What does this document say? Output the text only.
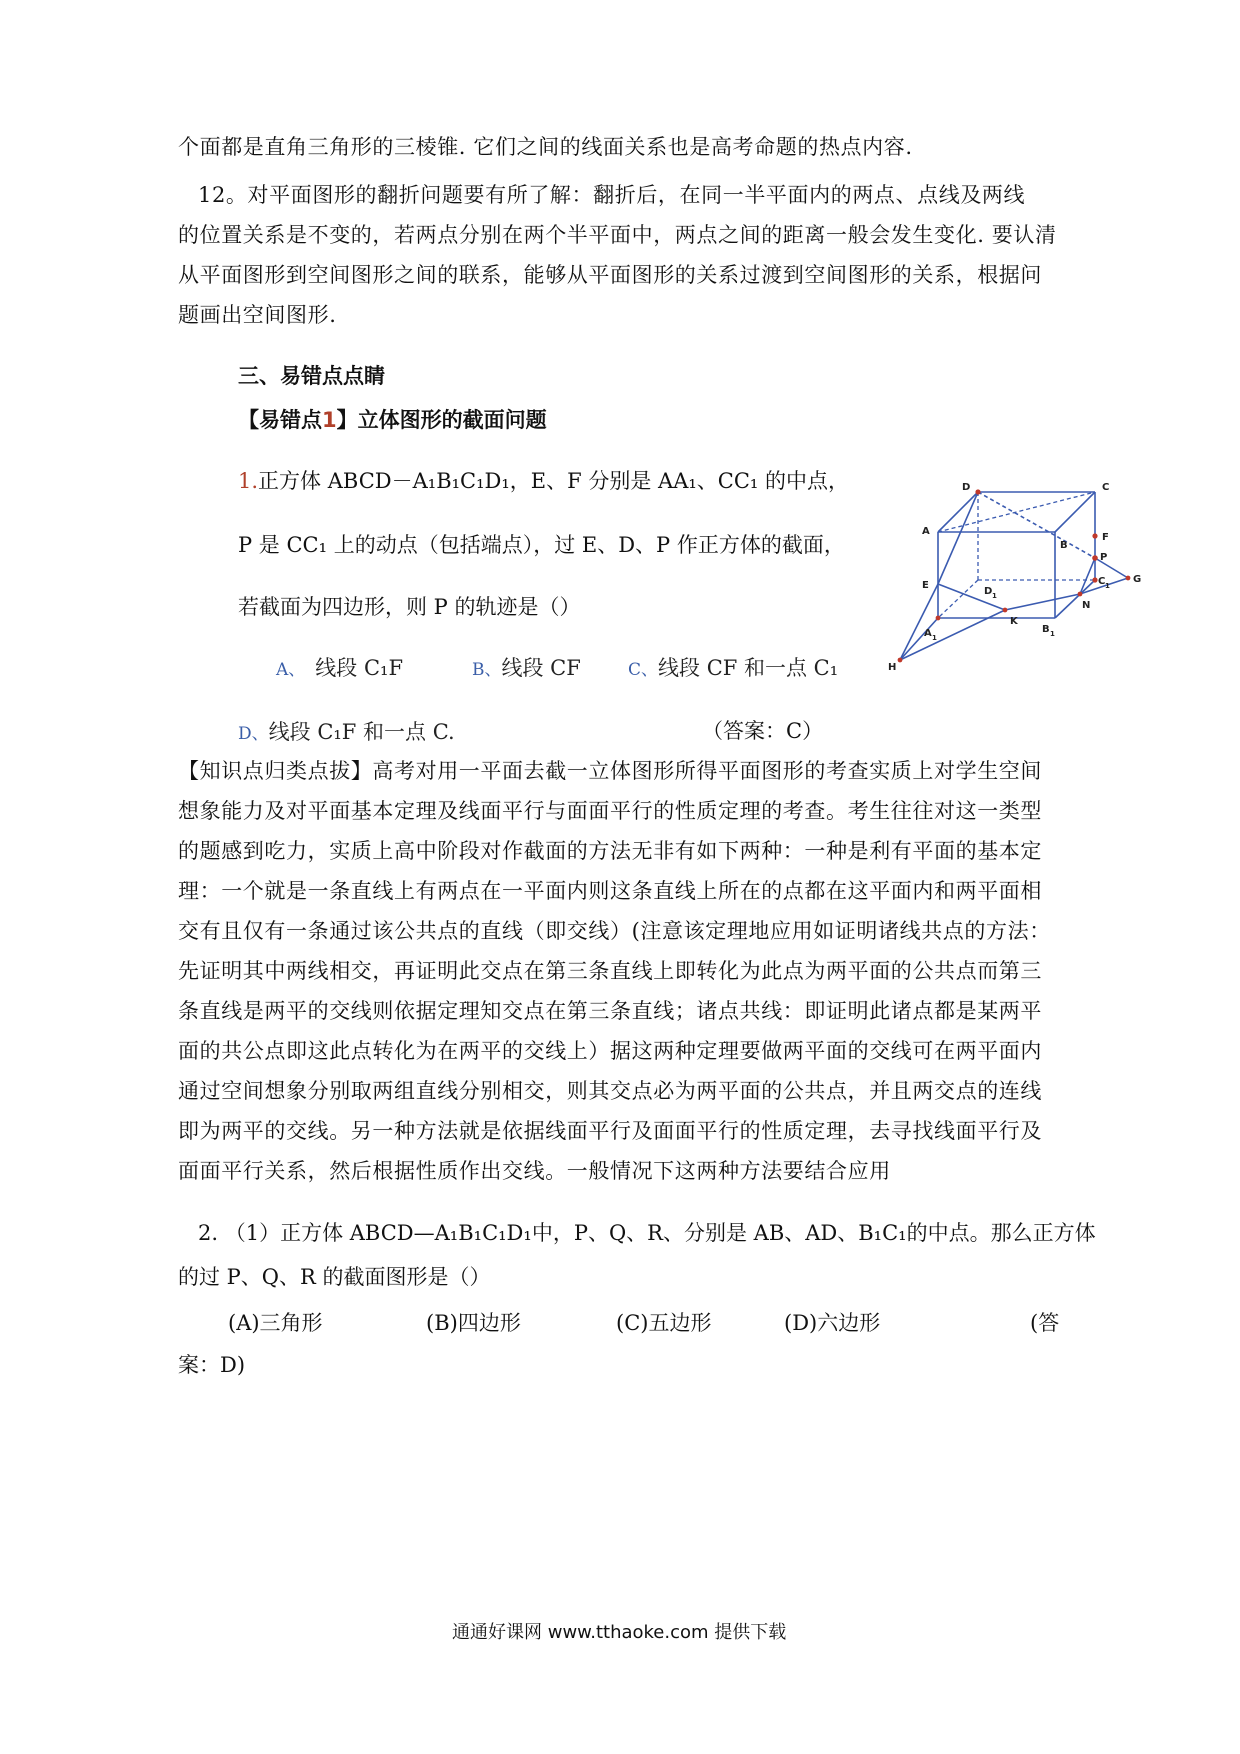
个面都是直角三角形的三棱锥. 它们之间的线面关系也是高考命题的热点内容.
12。对平面图形的翻折问题要有所了解：翻折后，在同一半平面内的两点、点线及两线
的位置关系是不变的，若两点分别在两个半平面中，两点之间的距离一般会发生变化. 要认清
从平面图形到空间图形之间的联系，能够从平面图形的关系过渡到空间图形的关系，根据问
题画出空间图形.
三、易错点点睛
【易错点1】立体图形的截面问题
1.正方体 ABCD－A₁B₁C₁D₁，E、F 分别是 AA₁、CC₁ 的中点，
P 是 CC₁ 上的动点（包括端点），过 E、D、P 作正方体的截面，
若截面为四边形，则 P 的轨迹是（）
A、 线段 C₁F	B、线段 CF	C、线段 CF 和一点 C₁
D、线段 C₁F 和一点 C.	（答案：C）
D	C
A
B
E
F
P
D 1
C 1
G
N
A 1
K
B 1
H
【知识点归类点拔】高考对用一平面去截一立体图形所得平面图形的考查实质上对学生空间
想象能力及对平面基本定理及线面平行与面面平行的性质定理的考查。考生往往对这一类型
的题感到吃力，实质上高中阶段对作截面的方法无非有如下两种：一种是利有平面的基本定
理：一个就是一条直线上有两点在一平面内则这条直线上所在的点都在这平面内和两平面相
交有且仅有一条通过该公共点的直线（即交线）(注意该定理地应用如证明诸线共点的方法：
先证明其中两线相交，再证明此交点在第三条直线上即转化为此点为两平面的公共点而第三
条直线是两平的交线则依据定理知交点在第三条直线；诸点共线：即证明此诸点都是某两平
面的共公点即这此点转化为在两平的交线上）据这两种定理要做两平面的交线可在两平面内
通过空间想象分别取两组直线分别相交，则其交点必为两平面的公共点，并且两交点的连线
即为两平的交线。另一种方法就是依据线面平行及面面平行的性质定理，去寻找线面平行及
面面平行关系，然后根据性质作出交线。一般情况下这两种方法要结合应用
2. （1）正方体 ABCD—A₁B₁C₁D₁中，P、Q、R、分别是 AB、AD、B₁C₁的中点。那么正方体
的过 P、Q、R 的截面图形是（）
(A)三角形	(B)四边形	(C)五边形	(D)六边形	(答
案：D)
通通好课网 www.tthaoke.com 提供下载
